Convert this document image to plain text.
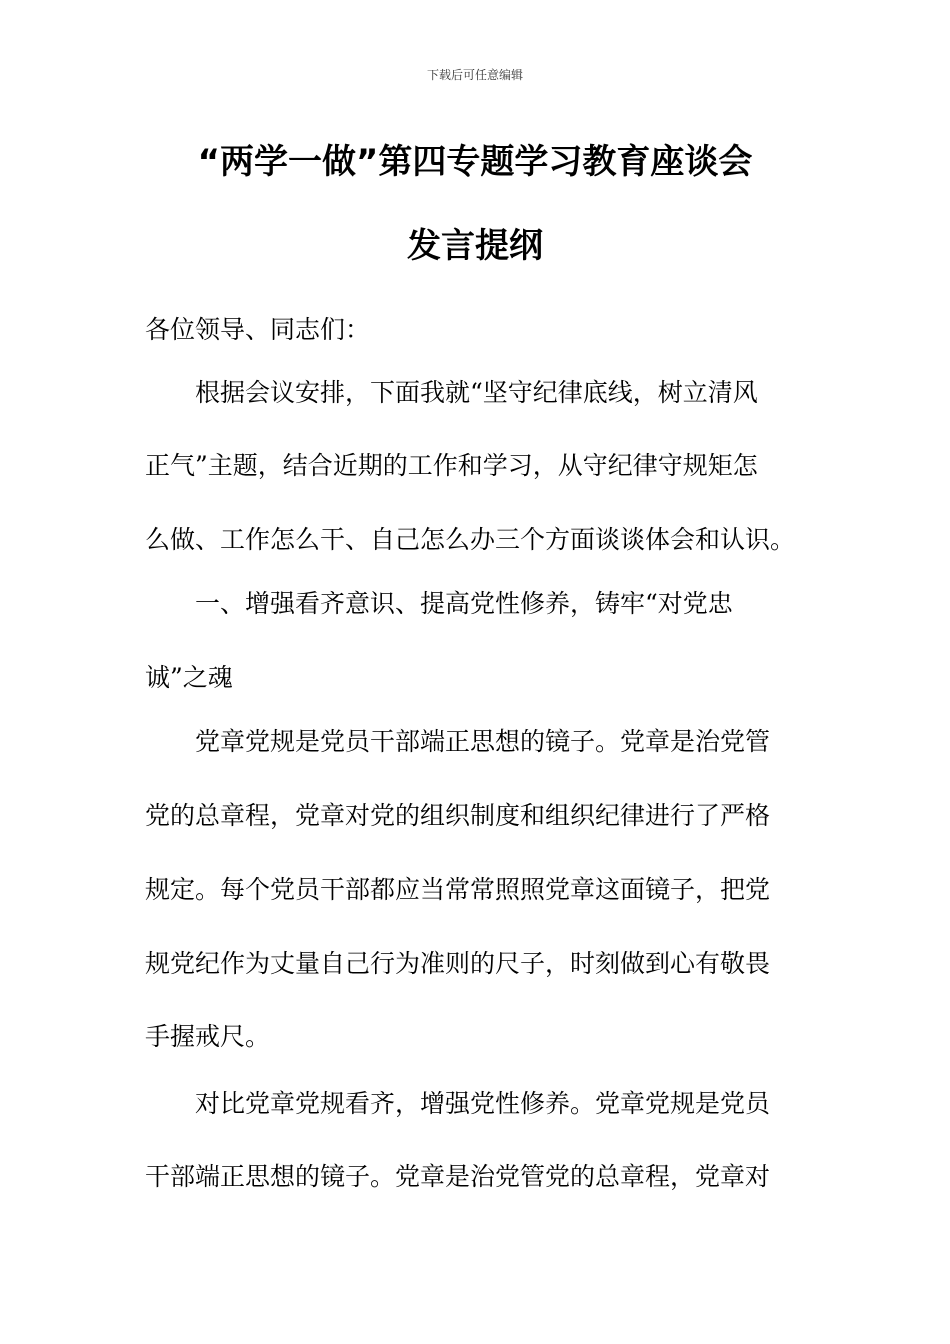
下载后可任意编辑
“两学一做”第四专题学习教育座谈会
发言提纲
各位领导、同志们：
根据会议安排，下面我就“坚守纪律底线，树立清风
正气”主题，结合近期的工作和学习，从守纪律守规矩怎
么做、工作怎么干、自己怎么办三个方面谈谈体会和认识。
一、增强看齐意识、提高党性修养，铸牢“对党忠
诚”之魂
党章党规是党员干部端正思想的镜子。党章是治党管
党的总章程，党章对党的组织制度和组织纪律进行了严格
规定。每个党员干部都应当常常照照党章这面镜子，把党
规党纪作为丈量自己行为准则的尺子，时刻做到心有敬畏
手握戒尺。
对比党章党规看齐，增强党性修养。党章党规是党员
干部端正思想的镜子。党章是治党管党的总章程，党章对
